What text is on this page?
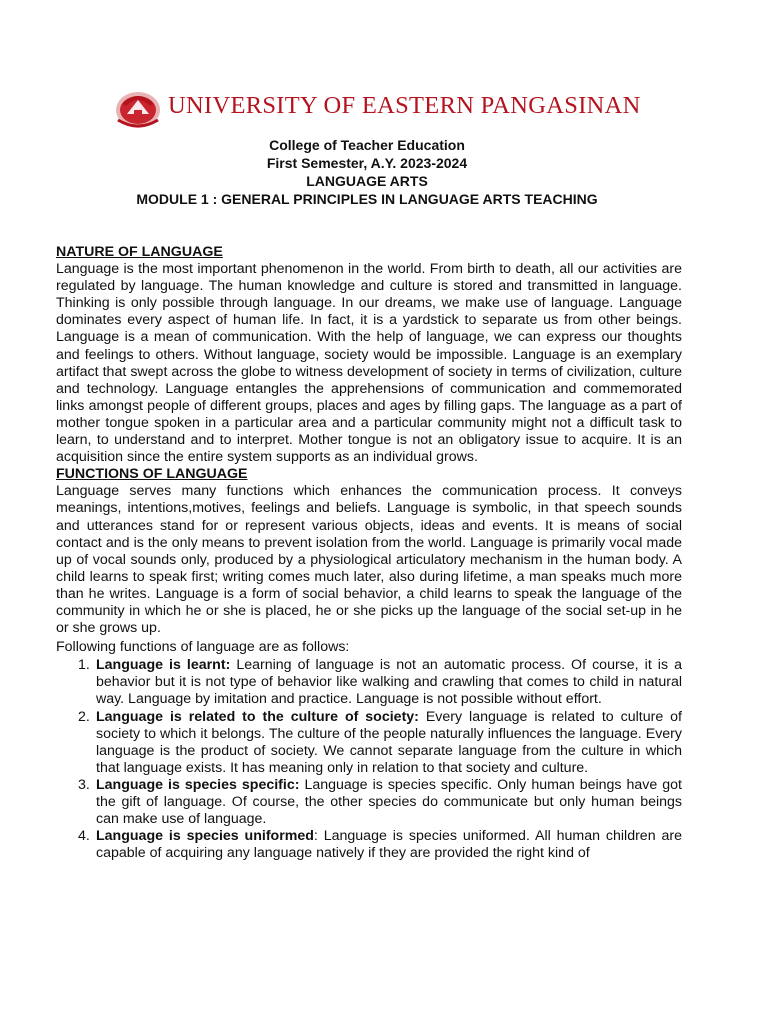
UNIVERSITY OF EASTERN PANGASINAN
College of Teacher Education
First Semester, A.Y. 2023-2024
LANGUAGE ARTS
MODULE 1 : GENERAL PRINCIPLES IN LANGUAGE ARTS TEACHING
NATURE OF LANGUAGE
Language is the most important phenomenon in the world. From birth to death, all our activities are regulated by language. The human knowledge and culture is stored and transmitted in language. Thinking is only possible through language. In our dreams, we make use of language. Language dominates every aspect of human life. In fact, it is a yardstick to separate us from other beings. Language is a mean of communication. With the help of language, we can express our thoughts and feelings to others. Without language, society would be impossible. Language is an exemplary artifact that swept across the globe to witness development of society in terms of civilization, culture and technology. Language entangles the apprehensions of communication and commemorated links amongst people of different groups, places and ages by filling gaps. The language as a part of mother tongue spoken in a particular area and a particular community might not a difficult task to learn, to understand and to interpret. Mother tongue is not an obligatory issue to acquire. It is an acquisition since the entire system supports as an individual grows.
FUNCTIONS OF LANGUAGE
Language serves many functions which enhances the communication process. It conveys meanings, intentions,motives, feelings and beliefs. Language is symbolic, in that speech sounds and utterances stand for or represent various objects, ideas and events. It is means of social contact and is the only means to prevent isolation from the world. Language is primarily vocal made up of vocal sounds only, produced by a physiological articulatory mechanism in the human body. A child learns to speak first; writing comes much later, also during lifetime, a man speaks much more than he writes. Language is a form of social behavior, a child learns to speak the language of the community in which he or she is placed, he or she picks up the language of the social set-up in he or she grows up.
Following functions of language are as follows:
1. Language is learnt: Learning of language is not an automatic process. Of course, it is a behavior but it is not type of behavior like walking and crawling that comes to child in natural way. Language by imitation and practice. Language is not possible without effort.
2. Language is related to the culture of society: Every language is related to culture of society to which it belongs. The culture of the people naturally influences the language. Every language is the product of society. We cannot separate language from the culture in which that language exists. It has meaning only in relation to that society and culture.
3. Language is species specific: Language is species specific. Only human beings have got the gift of language. Of course, the other species do communicate but only human beings can make use of language.
4. Language is species uniformed: Language is species uniformed. All human children are capable of acquiring any language natively if they are provided the right kind of
